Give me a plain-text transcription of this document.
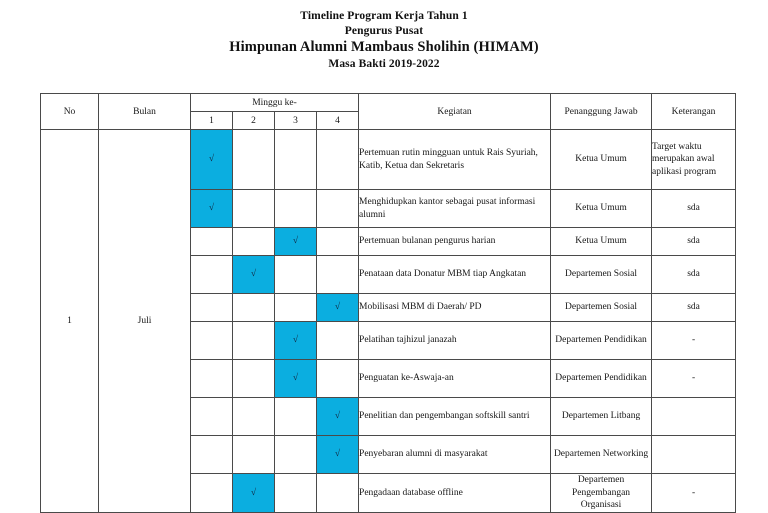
Timeline Program Kerja Tahun 1
Pengurus Pusat
Himpunan Alumni Mambaus Sholihin (HIMAM)
Masa Bakti 2019-2022
No	Bulan	Minggu ke-				Kegiatan	Penanggung Jawab	Keterangan
		1	2	3	4			
1	Juli	√				Pertemuan rutin mingguan untuk Rais Syuriah, Katib, Ketua dan Sekretaris	Ketua Umum	Target waktu merupakan awal aplikasi program
		√				Menghidupkan kantor sebagai pusat informasi alumni	Ketua Umum	sda
				√		Pertemuan bulanan pengurus harian	Ketua Umum	sda
			√			Penataan data Donatur MBM tiap Angkatan	Departemen Sosial	sda
					√	Mobilisasi MBM di Daerah/ PD	Departemen Sosial	sda
				√		Pelatihan tajhizul janazah	Departemen Pendidikan	-
				√		Penguatan ke-Aswaja-an	Departemen Pendidikan	-
					√	Penelitian dan pengembangan softskill santri	Departemen Litbang	
					√	Penyebaran alumni di masyarakat	Departemen Networking	
			√			Pengadaan database offline	Departemen Pengembangan Organisasi	-
